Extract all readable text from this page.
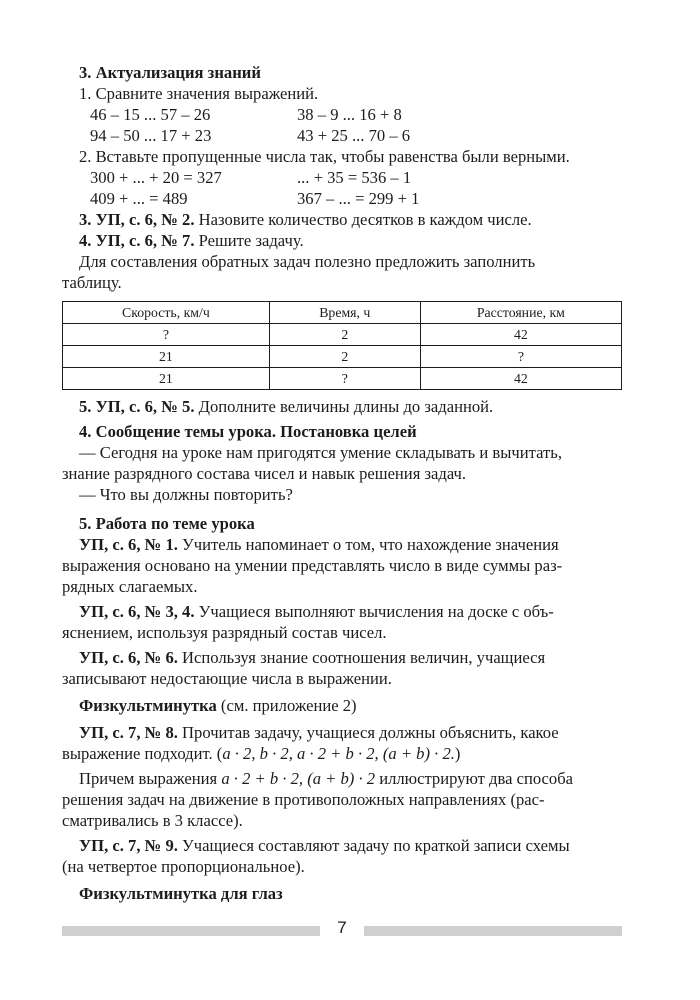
3. Актуализация знаний
1. Сравните значения выражений.
46 – 15 ... 57 – 26	38 – 9 ... 16 + 8
94 – 50 ... 17 + 23	43 + 25 ... 70 – 6
2. Вставьте пропущенные числа так, чтобы равенства были верными.
300 + ... + 20 = 327	... + 35 = 536 – 1
409 + ... = 489	367 – ... = 299 + 1
3. УП, с. 6, № 2. Назовите количество десятков в каждом числе.
4. УП, с. 6, № 7. Решите задачу.
Для составления обратных задач полезно предложить заполнить
таблицу.
Скорость, км/ч	Время, ч	Расстояние, км
?	2	42
21	2	?
21	?	42
5. УП, с. 6, № 5. Дополните величины длины до заданной.
4. Сообщение темы урока. Постановка целей
— Сегодня на уроке нам пригодятся умение складывать и вычитать,
знание разрядного состава чисел и навык решения задач.
— Что вы должны повторить?
5. Работа по теме урока
УП, с. 6, № 1. Учитель напоминает о том, что нахождение значения
выражения основано на умении представлять число в виде суммы раз-
рядных слагаемых.
УП, с. 6, № 3, 4. Учащиеся выполняют вычисления на доске с объ-
яснением, используя разрядный состав чисел.
УП, с. 6, № 6. Используя знание соотношения величин, учащиеся
записывают недостающие числа в выражении.
Физкультминутка (см. приложение 2)
УП, с. 7, № 8. Прочитав задачу, учащиеся должны объяснить, какое
выражение подходит. (a · 2, b · 2, a · 2 + b · 2, (a + b) · 2.)
Причем выражения a · 2 + b · 2, (a + b) · 2 иллюстрируют два способа
решения задач на движение в противоположных направлениях (рас-
сматривались в 3 классе).
УП, с. 7, № 9. Учащиеся составляют задачу по краткой записи схемы
(на четвертое пропорциональное).
Физкультминутка для глаз
7
